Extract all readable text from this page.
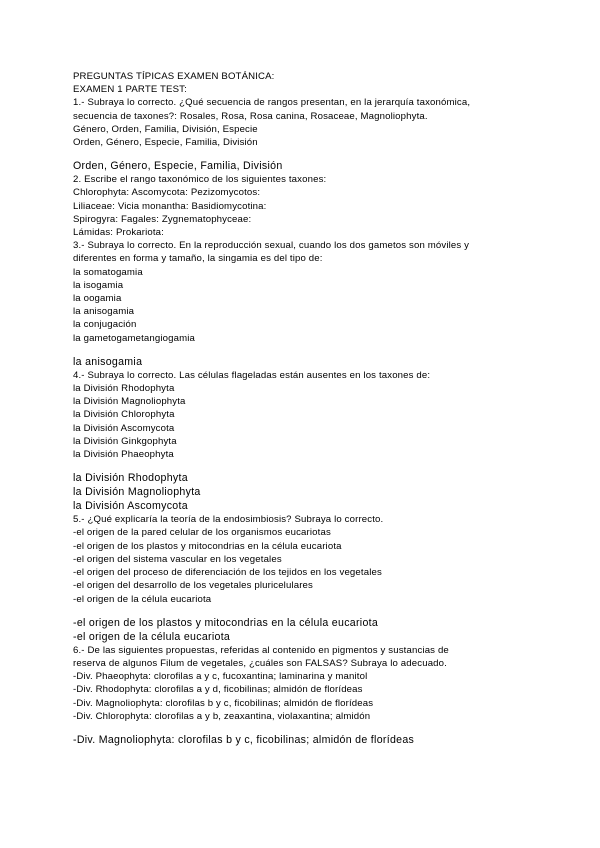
PREGUNTAS TÍPICAS EXAMEN BOTÁNICA:
EXAMEN 1 PARTE TEST:
1.- Subraya lo correcto. ¿Qué secuencia de rangos presentan, en la jerarquía taxonómica,
secuencia de taxones?: Rosales, Rosa, Rosa canina, Rosaceae, Magnoliophyta.
Género, Orden, Familia, División, Especie
Orden, Género, Especie, Familia, División
Orden, Género, Especie, Familia, División
2. Escribe el rango taxonómico de los siguientes taxones:
Chlorophyta: Ascomycota: Pezizomycotos:
Liliaceae: Vicia monantha: Basidiomycotina:
Spirogyra: Fagales: Zygnematophyceae:
Lámidas: Prokariota:
3.- Subraya lo correcto. En la reproducción sexual, cuando los dos gametos son móviles y
diferentes en forma y tamaño, la singamia es del tipo de:
la somatogamia
la isogamia
la oogamia
la anisogamia
la conjugación
la gametogametangiogamia
la anisogamia
4.- Subraya lo correcto. Las células flageladas están ausentes en los taxones de:
la División Rhodophyta
la División Magnoliophyta
la División Chlorophyta
la División Ascomycota
la División Ginkgophyta
la División Phaeophyta
la División Rhodophyta
la División Magnoliophyta
la División Ascomycota
5.- ¿Qué explicaría la teoría de la endosimbiosis? Subraya lo correcto.
-el origen de la pared celular de los organismos eucariotas
-el origen de los plastos y mitocondrias en la célula eucariota
-el origen del sistema vascular en los vegetales
-el origen del proceso de diferenciación de los tejidos en los vegetales
-el origen del desarrollo de los vegetales pluricelulares
-el origen de la célula eucariota
-el origen de los plastos y mitocondrias en la célula eucariota
-el origen de la célula eucariota
6.- De las siguientes propuestas, referidas al contenido en pigmentos y sustancias de
reserva de algunos Filum de vegetales, ¿cuáles son FALSAS? Subraya lo adecuado.
-Div. Phaeophyta: clorofilas a y c, fucoxantina; laminarina y manitol
-Div. Rhodophyta: clorofilas a y d, ficobilinas; almidón de florídeas
-Div. Magnoliophyta: clorofilas b y c, ficobilinas; almidón de florídeas
-Div. Chlorophyta: clorofilas a y b, zeaxantina, violaxantina; almidón
-Div. Magnoliophyta: clorofilas b y c, ficobilinas; almidón de florídeas
